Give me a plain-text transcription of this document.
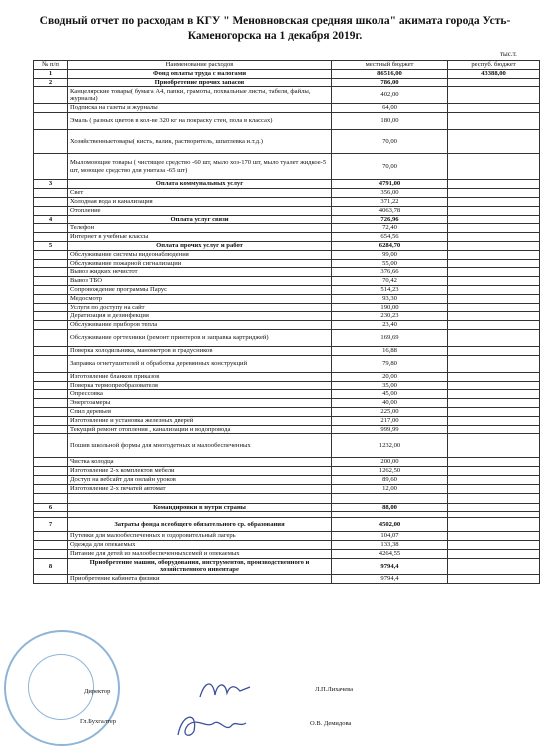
Сводный отчет по расходам в КГУ " Меновновская средняя школа" акимата города Усть-Каменогорска на 1 декабря 2019г.
тыс.т.
№ п/п	Наименование расходов	местный бюджет	респуб. бюджет
1	Фонд оплаты труда с налогами	86516,00	43388,00
2	Приобретение прочих запасов	786,00	
	Канцелярские товары( бумага А4, папки, грамоты, похвальные листы, табеля, файлы, журналы)	402,00	
	Подписка на газеты и журналы	64,00	
	Эмаль ( разных цветов в кол-ве 320 кг на покраску стен, пола в классах)	180,00	
	Хозяйственныетовары( кисть, валик, растворитель, шпатлевка и.т.д.)	70,00	
	Мыломоющие товары ( чистящее средство -60 шт, мыло хоз-170 шт, мыло туалет жидкое-5 шт, моющее средство для унитаза -65 шт)	70,00	
3	Оплата коммунальных услуг	4791,00	
	Свет	356,00	
	Холодная вода и канализация	371,22	
	Отопление	4063,78	
4	Оплата услуг связи	726,96	
	Телефон	72,40	
	Интернет в учебные классы	654,56	
5	Оплата прочих услуг и работ	6284,70	
	Обслуживание системы видеонаблюдения	99,00	
	Обслуживание пожарной сигнализации	55,00	
	Вывоз жидких нечистот	376,66	
	Вывоз ТБО	70,42	
	Сопровождение программы Парус	514,23	
	Медосмотр	93,30	
	Услуги по доступу на сайт	190,00	
	Дератизация и дезинфекция	230,23	
	Обслуживание приборов тепла	23,40	
	Обслуживание оргтехники (ремонт принтеров и заправка картриджей)	169,69	
	Поверка холодильника, манометров и градусников	16,88	
	Заправка огнетушителей и обработка деревянных конструкций	79,80	
	Изготовление бланков приказов	20,00	
	Поверка термопреобразователя	35,00	
	Опрессовка	45,00	
	Энергозамеры	40,00	
	Спил деревьев	225,00	
	Изготовление и установка железных дверей	217,00	
	Текущий ремонт отопления , канализации и водопровода	999,99	
	Пошив школьной формы для многодетных и малообеспеченных	1232,00	
	Чистка колодца	200,00	
	Изготовление 2-х комплектов мебели	1262,50	
	Доступ на вебсайт для онлайн уроков	89,60	
	Изготовление 2-х печатей автомат	12,00	

6	Командировки в нутри страны	88,00	

7	Затраты фонда всеобщего обязательного ср. образования	4502,00	
	Путевки для малообеспеченных в оздоровительный лагерь	104,07	
	Одежда для опекаемых	133,38	
	Питание для детей из малообеспеченныхсемей и опекаемых	4264,55	
8	Приобретение машин, оборудования, инструментов, производственного и хозяйственного инвентаре	9794,4	
	Приобретение кабинета физики	9794,4	
Директор	Л.П.Лихачева
Гл.Бухгалтер	О.В. Демидова
